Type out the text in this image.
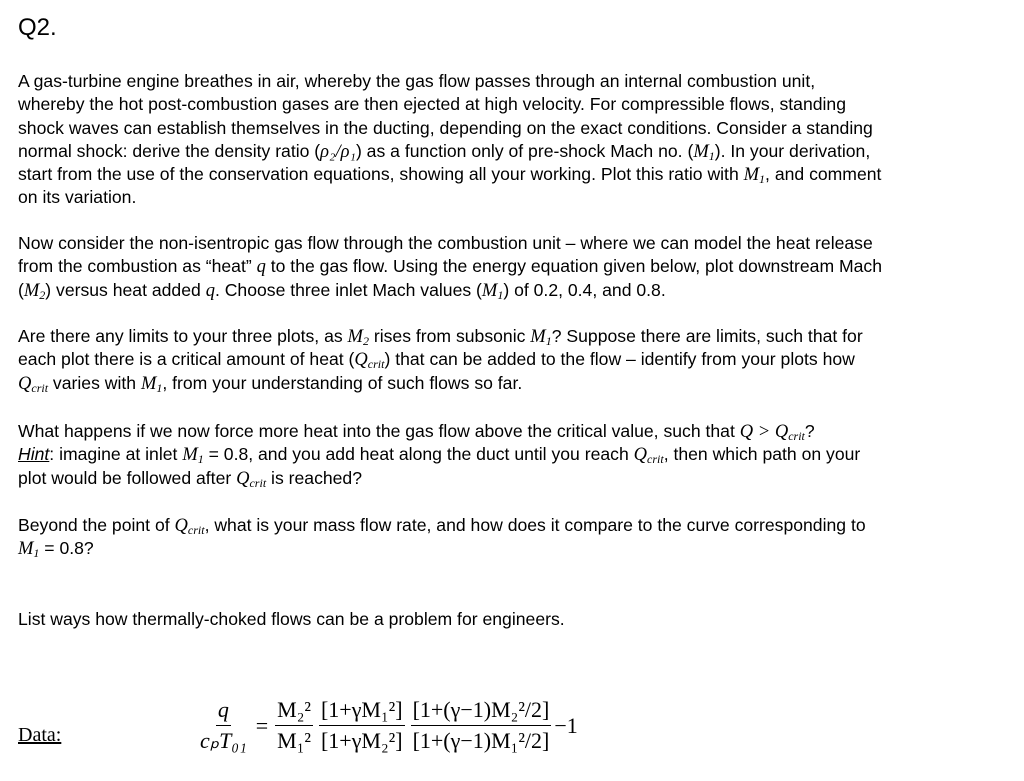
Q2.
A gas-turbine engine breathes in air, whereby the gas flow passes through an internal combustion unit,
whereby the hot post-combustion gases are then ejected at high velocity. For compressible flows, standing
shock waves can establish themselves in the ducting, depending on the exact conditions. Consider a standing
normal shock: derive the density ratio (ρ₂/ρ₁) as a function only of pre-shock Mach no. $(M_1)$. In your derivation,
start from the use of the conservation equations, showing all your working. Plot this ratio with $M_1$, and comment
on its variation.
Now consider the non-isentropic gas flow through the combustion unit – where we can model the heat release
from the combustion as “heat” q to the gas flow. Using the energy equation given below, plot downstream Mach
$(M_2)$ versus heat added q. Choose three inlet Mach values $(M_1)$ of 0.2, 0.4, and 0.8.
Are there any limits to your three plots, as $M_2$ rises from subsonic $M_1$? Suppose there are limits, such that for
each plot there is a critical amount of heat $(Q_{crit})$ that can be added to the flow – identify from your plots how
$Q_{crit}$ varies with $M_1$, from your understanding of such flows so far.
What happens if we now force more heat into the gas flow above the critical value, such that $Q > Q_{crit}$?
Hint: imagine at inlet $M_1 = 0.8$, and you add heat along the duct until you reach $Q_{crit}$, then which path on your
plot would be followed after $Q_{crit}$ is reached?
Beyond the point of $Q_{crit}$, what is your mass flow rate, and how does it compare to the curve corresponding to
$M_1 = 0.8$?
List ways how thermally-choked flows can be a problem for engineers.
Data:	$\frac{q}{\text{cₚT₀₁}} = \frac{\text{M₂²}}{\text{M₁²}} \frac{\text{[1+γM₁²]}}{\text{[1+γM₂²]}} \frac{\text{[1+(γ−1)M₂²/2]}}{\text{[1+(γ−1)M₁²/2]}} -1$
